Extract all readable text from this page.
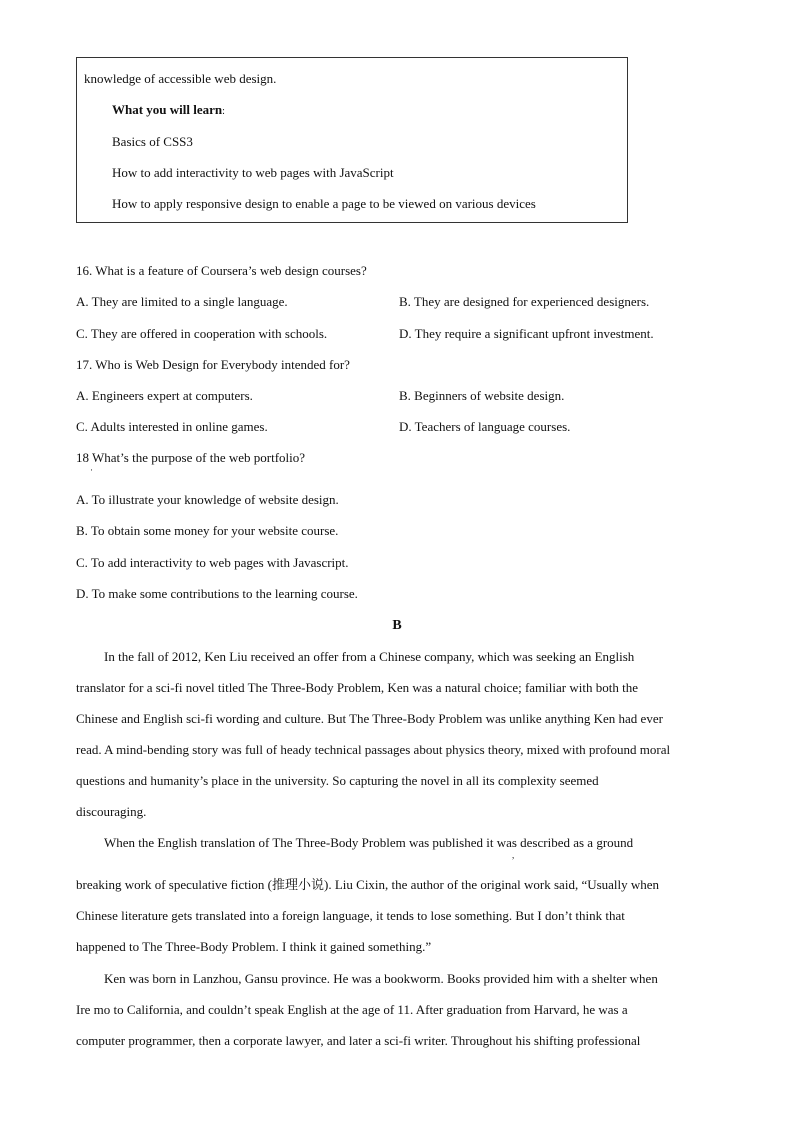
knowledge of accessible web design.
What you will learn:
Basics of CSS3
How to add interactivity to web pages with JavaScript
How to apply responsive design to enable a page to be viewed on various devices
16. What is a feature of Coursera’s web design courses?
A. They are limited to a single language.	B. They are designed for experienced designers.
C. They are offered in cooperation with schools.	D. They require a significant upfront investment.
17. Who is Web Design for Everybody intended for?
A. Engineers expert at computers.	B. Beginners of website design.
C. Adults interested in online games.	D. Teachers of language courses.
18 What’s the purpose of the web portfolio?
·
A. To illustrate your knowledge of website design.
B. To obtain some money for your website course.
C. To add interactivity to web pages with Javascript.
D. To make some contributions to the learning course.
B
In the fall of 2012, Ken Liu received an offer from a Chinese company, which was seeking an English
translator for a sci-fi novel titled The Three-Body Problem, Ken was a natural choice; familiar with both the
Chinese and English sci-fi wording and culture. But The Three-Body Problem was unlike anything Ken had ever
read. A mind-bending story was full of heady technical passages about physics theory, mixed with profound moral
questions and humanity’s place in the university. So capturing the novel in all its complexity seemed
discouraging.
When the English translation of The Three-Body Problem was published it was described as a ground
,
breaking work of speculative fiction (推理小说). Liu Cixin, the author of the original work said, “Usually when
Chinese literature gets translated into a foreign language, it tends to lose something. But I don’t think that
happened to The Three-Body Problem. I think it gained something.”
Ken was born in Lanzhou, Gansu province. He was a bookworm. Books provided him with a shelter when
Ire mo to California, and couldn’t speak English at the age of 11. After graduation from Harvard, he was a
computer programmer, then a corporate lawyer, and later a sci-fi writer. Throughout his shifting professional
